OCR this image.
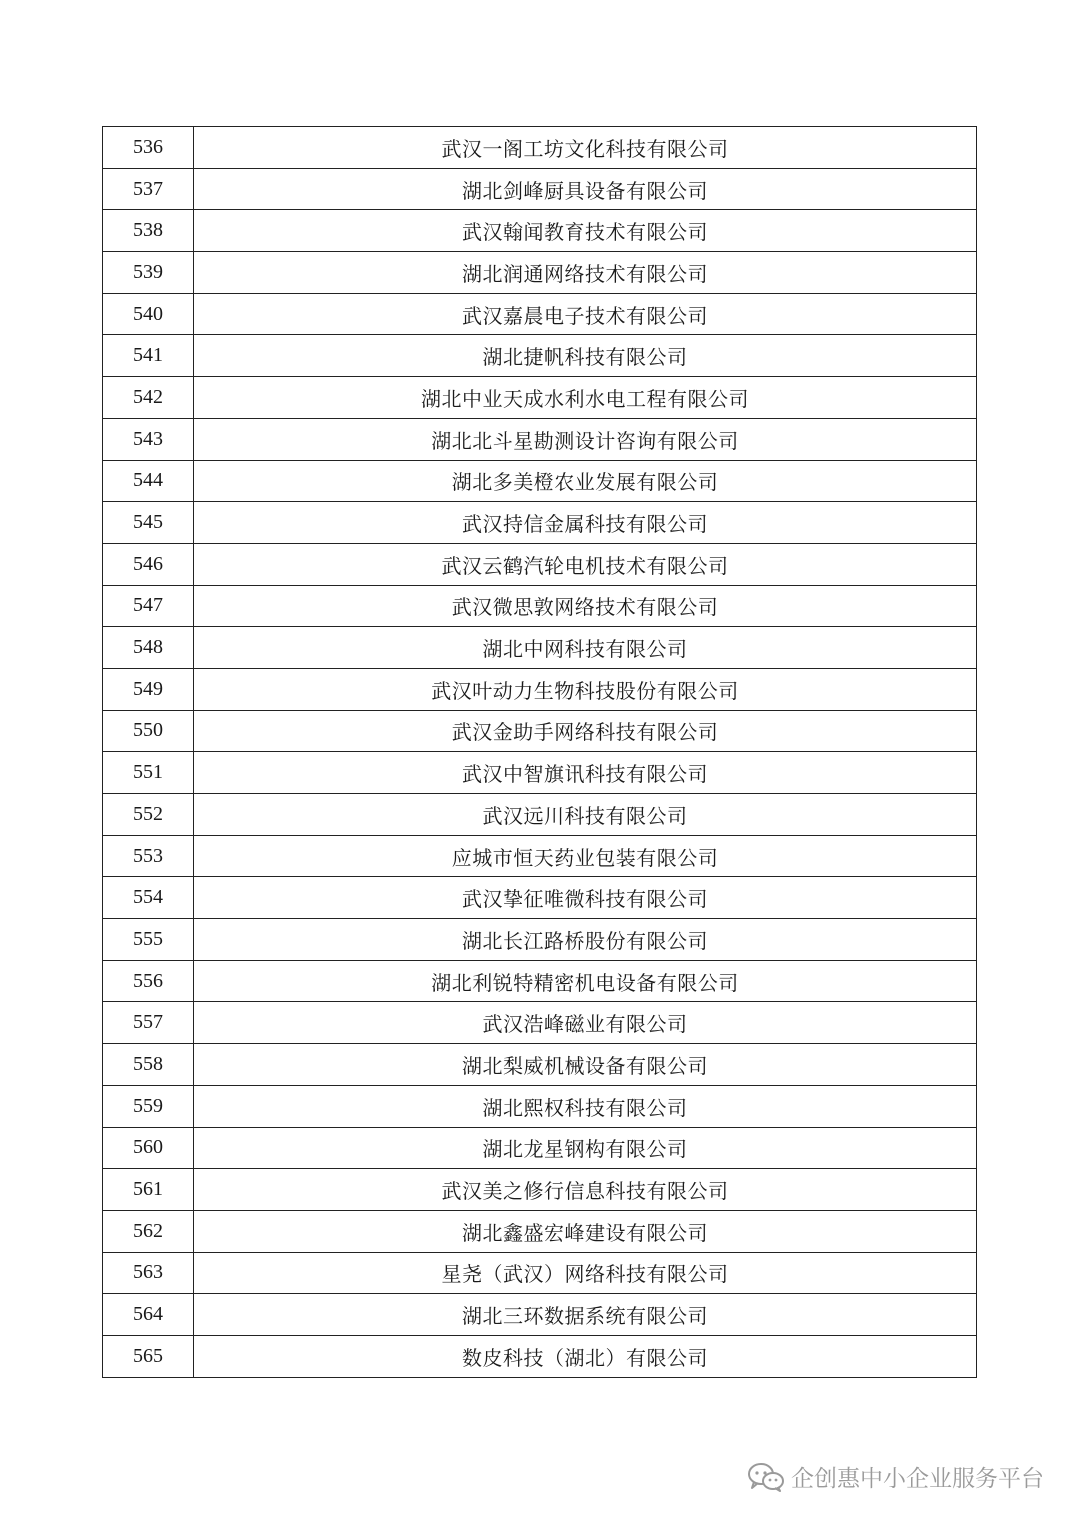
536	武汉一阁工坊文化科技有限公司
537	湖北剑峰厨具设备有限公司
538	武汉翰闻教育技术有限公司
539	湖北润通网络技术有限公司
540	武汉嘉晨电子技术有限公司
541	湖北捷帆科技有限公司
542	湖北中业天成水利水电工程有限公司
543	湖北北斗星勘测设计咨询有限公司
544	湖北多美橙农业发展有限公司
545	武汉持信金属科技有限公司
546	武汉云鹤汽轮电机技术有限公司
547	武汉微思敦网络技术有限公司
548	湖北中网科技有限公司
549	武汉叶动力生物科技股份有限公司
550	武汉金助手网络科技有限公司
551	武汉中智旗讯科技有限公司
552	武汉远川科技有限公司
553	应城市恒天药业包装有限公司
554	武汉挚征唯微科技有限公司
555	湖北长江路桥股份有限公司
556	湖北利锐特精密机电设备有限公司
557	武汉浩峰磁业有限公司
558	湖北梨威机械设备有限公司
559	湖北熙权科技有限公司
560	湖北龙星钢构有限公司
561	武汉美之修行信息科技有限公司
562	湖北鑫盛宏峰建设有限公司
563	星尧（武汉）网络科技有限公司
564	湖北三环数据系统有限公司
565	数皮科技（湖北）有限公司
企创惠中小企业服务平台
